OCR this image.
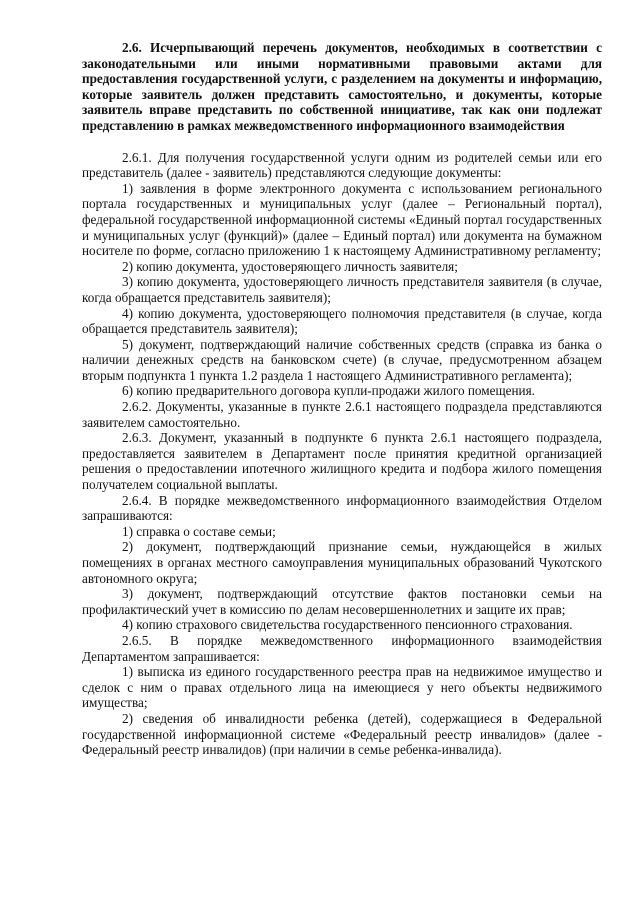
2.6. Исчерпывающий перечень документов, необходимых в соответствии с законодательными или иными нормативными правовыми актами для предоставления государственной услуги, с разделением на документы и информацию, которые заявитель должен представить самостоятельно, и документы, которые заявитель вправе представить по собственной инициативе, так как они подлежат представлению в рамках межведомственного информационного взаимодействия

2.6.1. Для получения государственной услуги одним из родителей семьи или его представитель (далее - заявитель) представляются следующие документы:

1) заявления в форме электронного документа с использованием регионального портала государственных и муниципальных услуг (далее – Региональный портал), федеральной государственной информационной системы «Единый портал государственных и муниципальных услуг (функций)» (далее – Единый портал) или документа на бумажном носителе по форме, согласно приложению 1 к настоящему Административному регламенту;

2) копию документа, удостоверяющего личность заявителя;

3) копию документа, удостоверяющего личность представителя заявителя (в случае, когда обращается представитель заявителя);

4) копию документа, удостоверяющего полномочия представителя (в случае, когда обращается представитель заявителя);

5) документ, подтверждающий наличие собственных средств (справка из банка о наличии денежных средств на банковском счете) (в случае, предусмотренном абзацем вторым подпункта 1 пункта 1.2 раздела 1 настоящего Административного регламента);

6) копию предварительного договора купли-продажи жилого помещения.

2.6.2. Документы, указанные в пункте 2.6.1 настоящего подраздела представляются заявителем самостоятельно.

2.6.3. Документ, указанный в подпункте 6 пункта 2.6.1 настоящего подраздела, предоставляется заявителем в Департамент после принятия кредитной организацией решения о предоставлении ипотечного жилищного кредита и подбора жилого помещения получателем социальной выплаты.

2.6.4. В порядке межведомственного информационного взаимодействия Отделом запрашиваются:

1) справка о составе семьи;

2) документ, подтверждающий признание семьи, нуждающейся в жилых помещениях в органах местного самоуправления муниципальных образований Чукотского автономного округа;

3) документ, подтверждающий отсутствие фактов постановки семьи на профилактический учет в комиссию по делам несовершеннолетних и защите их прав;

4) копию страхового свидетельства государственного пенсионного страхования.

2.6.5. В порядке межведомственного информационного взаимодействия Департаментом запрашивается:

1) выписка из единого государственного реестра прав на недвижимое имущество и сделок с ним о правах отдельного лица на имеющиеся у него объекты недвижимого имущества;

2) сведения об инвалидности ребенка (детей), содержащиеся в Федеральной государственной информационной системе «Федеральный реестр инвалидов» (далее - Федеральный реестр инвалидов) (при наличии в семье ребенка-инвалида).
